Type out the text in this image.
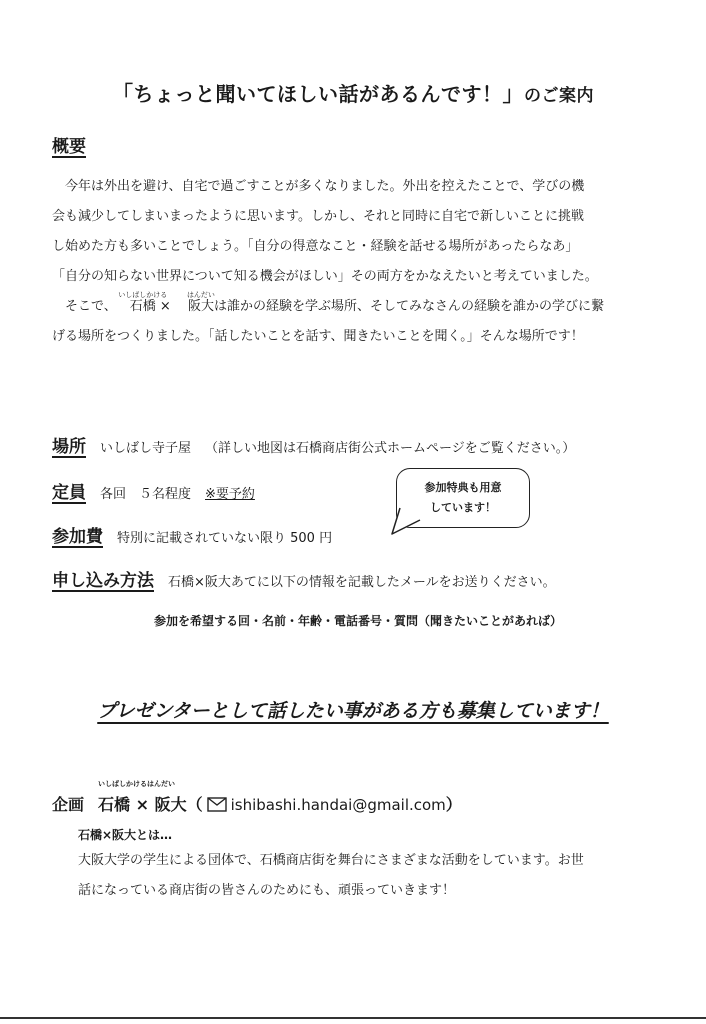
「ちょっと聞いてほしい話があるんです！」のご案内
概要

今年は外出を避け、自宅で過ごすことが多くなりました。外出を控えたことで、学びの機

会も減少してしまいまったように思います。しかし、それと同時に自宅で新しいことに挑戦

し始めた方も多いことでしょう。「自分の得意なこと・経験を話せる場所があったらなあ」

「自分の知らない世界について知る機会がほしい」その両方をかなえたいと考えていました。

そこで、
いしばしかける
石橋 ×
はんだい
阪大は誰かの経験を学ぶ場所、そしてみなさんの経験を誰かの学びに繋

げる場所をつくりました。「話したいことを話す、聞きたいことを聞く。」そんな場所です！

場所 いしばし寺子屋 （詳しい地図は石橋商店街公式ホームページをご覧ください。）
定員 各回　５名程度 ※要予約	参加特典も用意
しています！
参加費 特別に記載されていない限り 500 円
申し込み方法 石橋×阪大あてに以下の情報を記載したメールをお送りください。
参加を希望する回・名前・年齢・電話番号・質問（聞きたいことがあれば）
プレゼンターとして話したい事がある方も募集しています！
企画
いしばしかけるはんだい
石橋 × 阪大（ ishibashi.handai@gmail.com）
石橋×阪大とは…

大阪大学の学生による団体で、石橋商店街を舞台にさまざまな活動をしています。お世

話になっている商店街の皆さんのためにも、頑張っていきます！
